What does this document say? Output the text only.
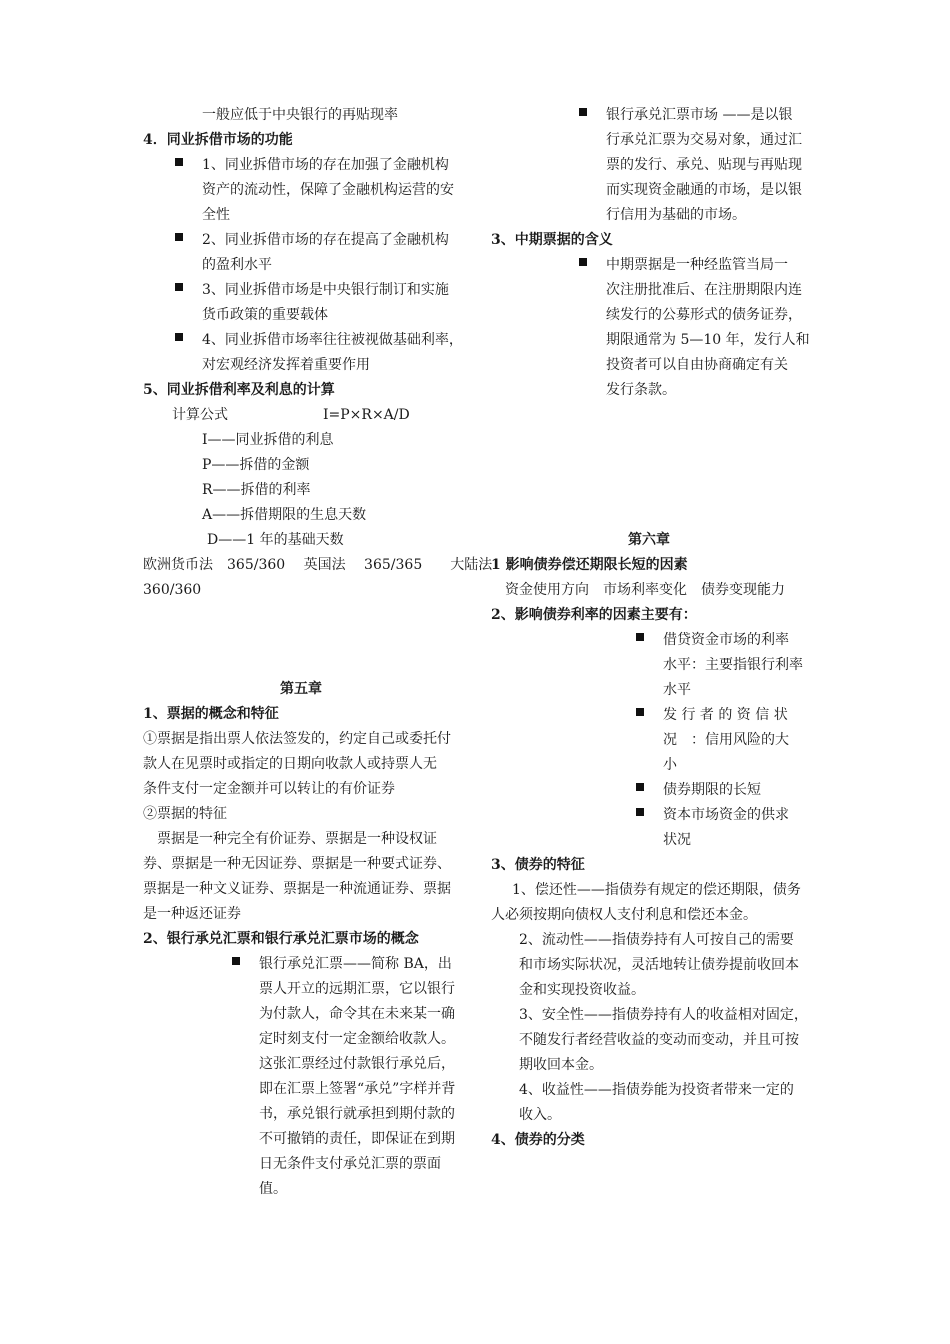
一般应低于中央银行的再贴现率
4．同业拆借市场的功能
1、同业拆借市场的存在加强了金融机构
资产的流动性，保障了金融机构运营的安
全性
2、同业拆借市场的存在提高了金融机构
的盈利水平
3、同业拆借市场是中央银行制订和实施
货币政策的重要载体
4、同业拆借市场率往往被视做基础利率，
对宏观经济发挥着重要作用
5、同业拆借利率及利息的计算
计算公式	I=P×R×A/D
I——同业拆借的利息
P——拆借的金额
R——拆借的利率
A——拆借期限的生息天数
D——1 年的基础天数
欧洲货币法　365/360　 英国法　 365/365　　大陆法
360/360
第五章
1、票据的概念和特征
①票据是指出票人依法签发的，约定自己或委托付
款人在见票时或指定的日期向收款人或持票人无
条件支付一定金额并可以转让的有价证券
②票据的特征
　票据是一种完全有价证券、票据是一种设权证
券、票据是一种无因证券、票据是一种要式证券、
票据是一种文义证券、票据是一种流通证券、票据
是一种返还证券
2、银行承兑汇票和银行承兑汇票市场的概念
银行承兑汇票——简称 BA，出
票人开立的远期汇票，它以银行
为付款人，命令其在未来某一确
定时刻支付一定金额给收款人。
这张汇票经过付款银行承兑后，
即在汇票上签署“承兑”字样并背
书，承兑银行就承担到期付款的
不可撤销的责任，即保证在到期
日无条件支付承兑汇票的票面
值。
银行承兑汇票市场 ——是以银
行承兑汇票为交易对象，通过汇
票的发行、承兑、贴现与再贴现
而实现资金融通的市场，是以银
行信用为基础的市场。
3、中期票据的含义
中期票据是一种经监管当局一
次注册批准后、在注册期限内连
续发行的公募形式的债务证券，
期限通常为 5—10 年，发行人和
投资者可以自由协商确定有关
发行条款。
第六章
1 影响债券偿还期限长短的因素
资金使用方向　市场利率变化　债券变现能力
2、影响债券利率的因素主要有：
借贷资金市场的利率
水平：主要指银行利率
水平
发 行 者 的 资 信 状
况　：信用风险的大
小
债券期限的长短
资本市场资金的供求
状况
3、债券的特征
1、偿还性——指债券有规定的偿还期限，债务
人必须按期向债权人支付利息和偿还本金。
2、流动性——指债券持有人可按自己的需要
和市场实际状况，灵活地转让债券提前收回本
金和实现投资收益。
3、安全性——指债券持有人的收益相对固定，
不随发行者经营收益的变动而变动，并且可按
期收回本金。
4、收益性——指债券能为投资者带来一定的
收入。
4、债券的分类
